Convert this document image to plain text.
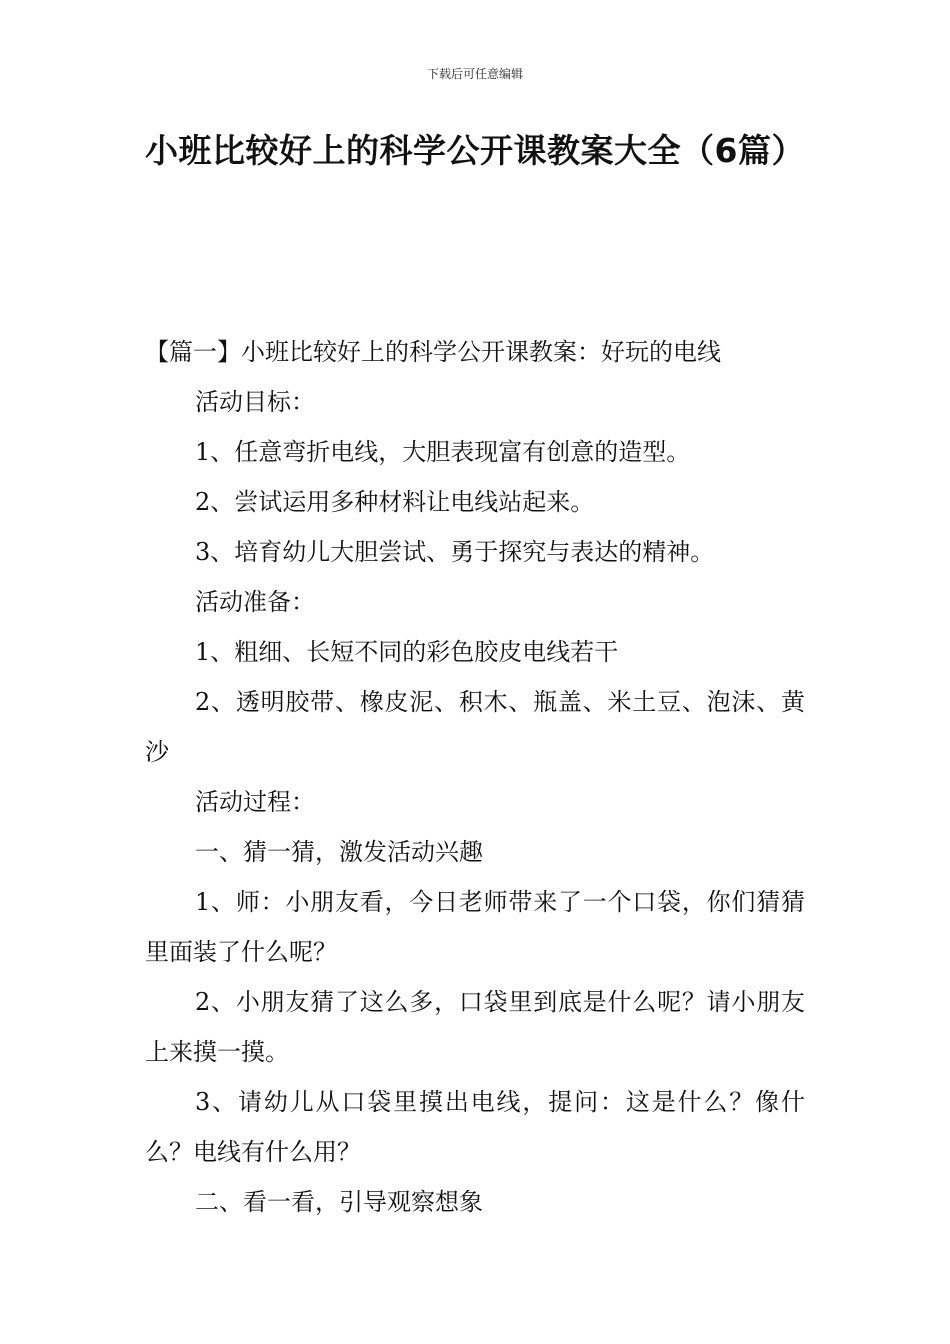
下载后可任意编辑
小班比较好上的科学公开课教案大全（6篇）

【篇一】小班比较好上的科学公开课教案：好玩的电线

活动目标：

1、任意弯折电线，大胆表现富有创意的造型。

2、尝试运用多种材料让电线站起来。

3、培育幼儿大胆尝试、勇于探究与表达的精神。

活动准备：

1、粗细、长短不同的彩色胶皮电线若干

2、透明胶带、橡皮泥、积木、瓶盖、米土豆、泡沫、黄沙

活动过程：

一、猜一猜，激发活动兴趣

1、师：小朋友看，今日老师带来了一个口袋，你们猜猜里面装了什么呢？

2、小朋友猜了这么多，口袋里到底是什么呢？请小朋友上来摸一摸。

3、请幼儿从口袋里摸出电线，提问：这是什么？像什么？电线有什么用？

二、看一看，引导观察想象
